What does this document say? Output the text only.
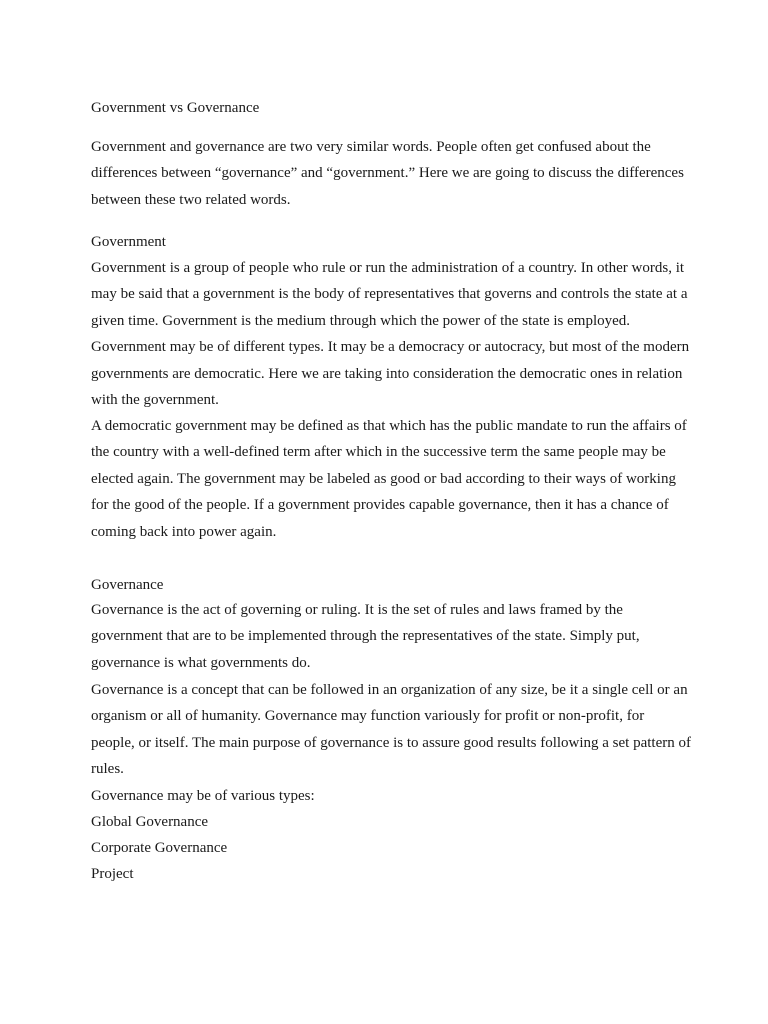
Government vs Governance
Government and governance are two very similar words. People often get confused about the differences between “governance” and “government.” Here we are going to discuss the differences between these two related words.
Government
Government is a group of people who rule or run the administration of a country. In other words, it may be said that a government is the body of representatives that governs and controls the state at a given time. Government is the medium through which the power of the state is employed. Government may be of different types. It may be a democracy or autocracy, but most of the modern governments are democratic. Here we are taking into consideration the democratic ones in relation with the government.
A democratic government may be defined as that which has the public mandate to run the affairs of the country with a well-defined term after which in the successive term the same people may be elected again. The government may be labeled as good or bad according to their ways of working for the good of the people. If a government provides capable governance, then it has a chance of coming back into power again.
Governance
Governance is the act of governing or ruling. It is the set of rules and laws framed by the government that are to be implemented through the representatives of the state. Simply put, governance is what governments do.
Governance is a concept that can be followed in an organization of any size, be it a single cell or an organism or all of humanity. Governance may function variously for profit or non-profit, for people, or itself. The main purpose of governance is to assure good results following a set pattern of rules.
Governance may be of various types:
Global Governance
Corporate Governance
Project
